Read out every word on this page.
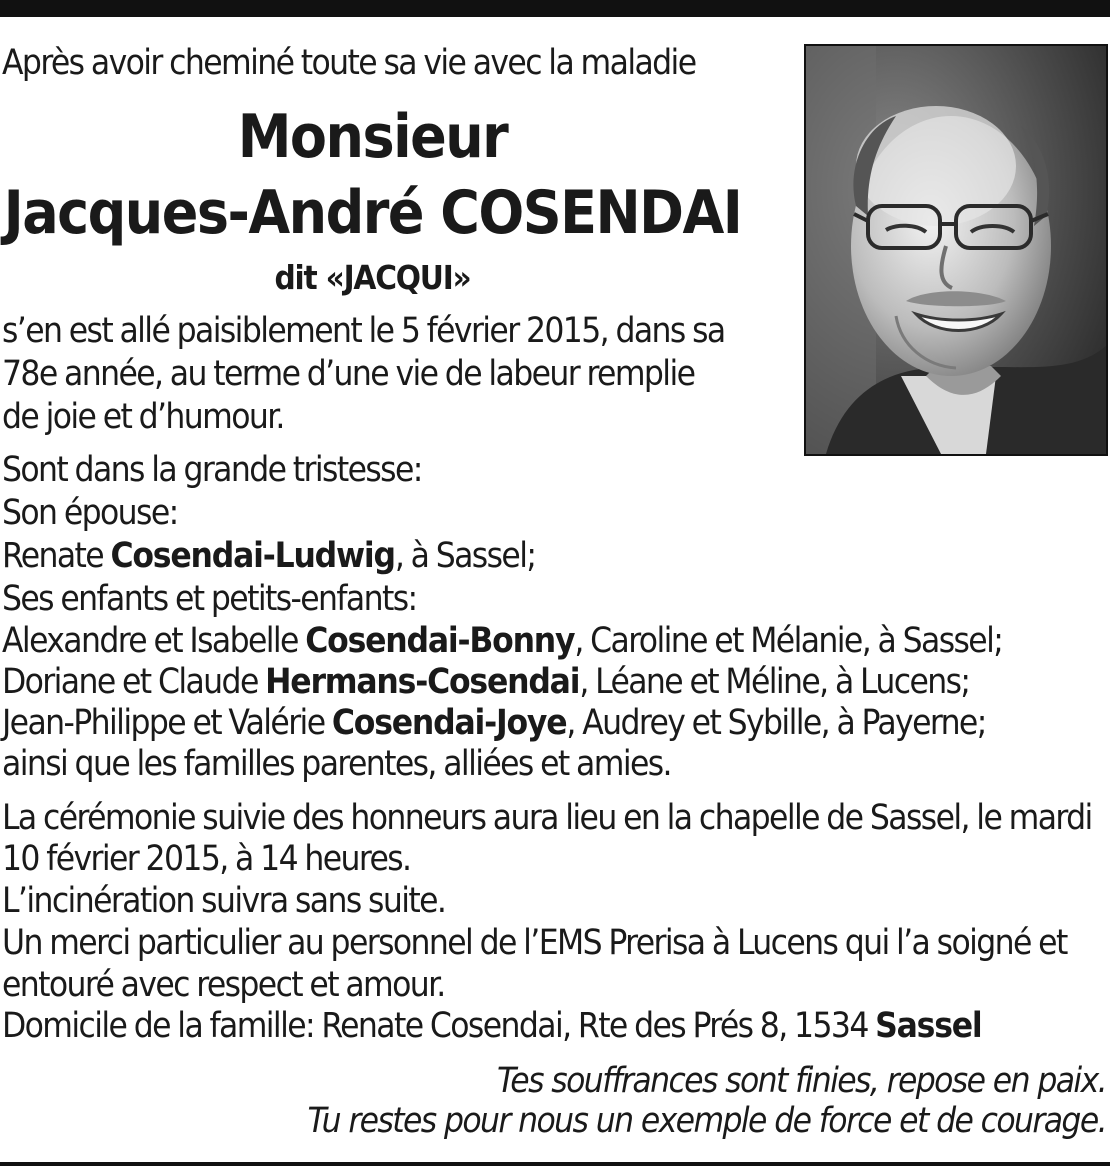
Après avoir cheminé toute sa vie avec la maladie

Monsieur
Jacques-André COSENDAI

dit «JACQUI»

s’en est allé paisiblement le 5 février 2015, dans sa

78e année, au terme d’une vie de labeur remplie

de joie et d’humour.

Sont dans la grande tristesse:

Son épouse:

Renate Cosendai-Ludwig, à Sassel;

Ses enfants et petits-enfants:

Alexandre et Isabelle Cosendai-Bonny, Caroline et Mélanie, à Sassel;

Doriane et Claude Hermans-Cosendai, Léane et Méline, à Lucens;

Jean-Philippe et Valérie Cosendai-Joye, Audrey et Sybille, à Payerne;

ainsi que les familles parentes, alliées et amies.

La cérémonie suivie des honneurs aura lieu en la chapelle de Sassel, le mardi

10 février 2015, à 14 heures.

L’incinération suivra sans suite.

Un merci particulier au personnel de l’EMS Prerisa à Lucens qui l’a soigné et

entouré avec respect et amour.

Domicile de la famille: Renate Cosendai, Rte des Prés 8, 1534 Sassel

Tes souffrances sont finies, repose en paix.

Tu restes pour nous un exemple de force et de courage.
